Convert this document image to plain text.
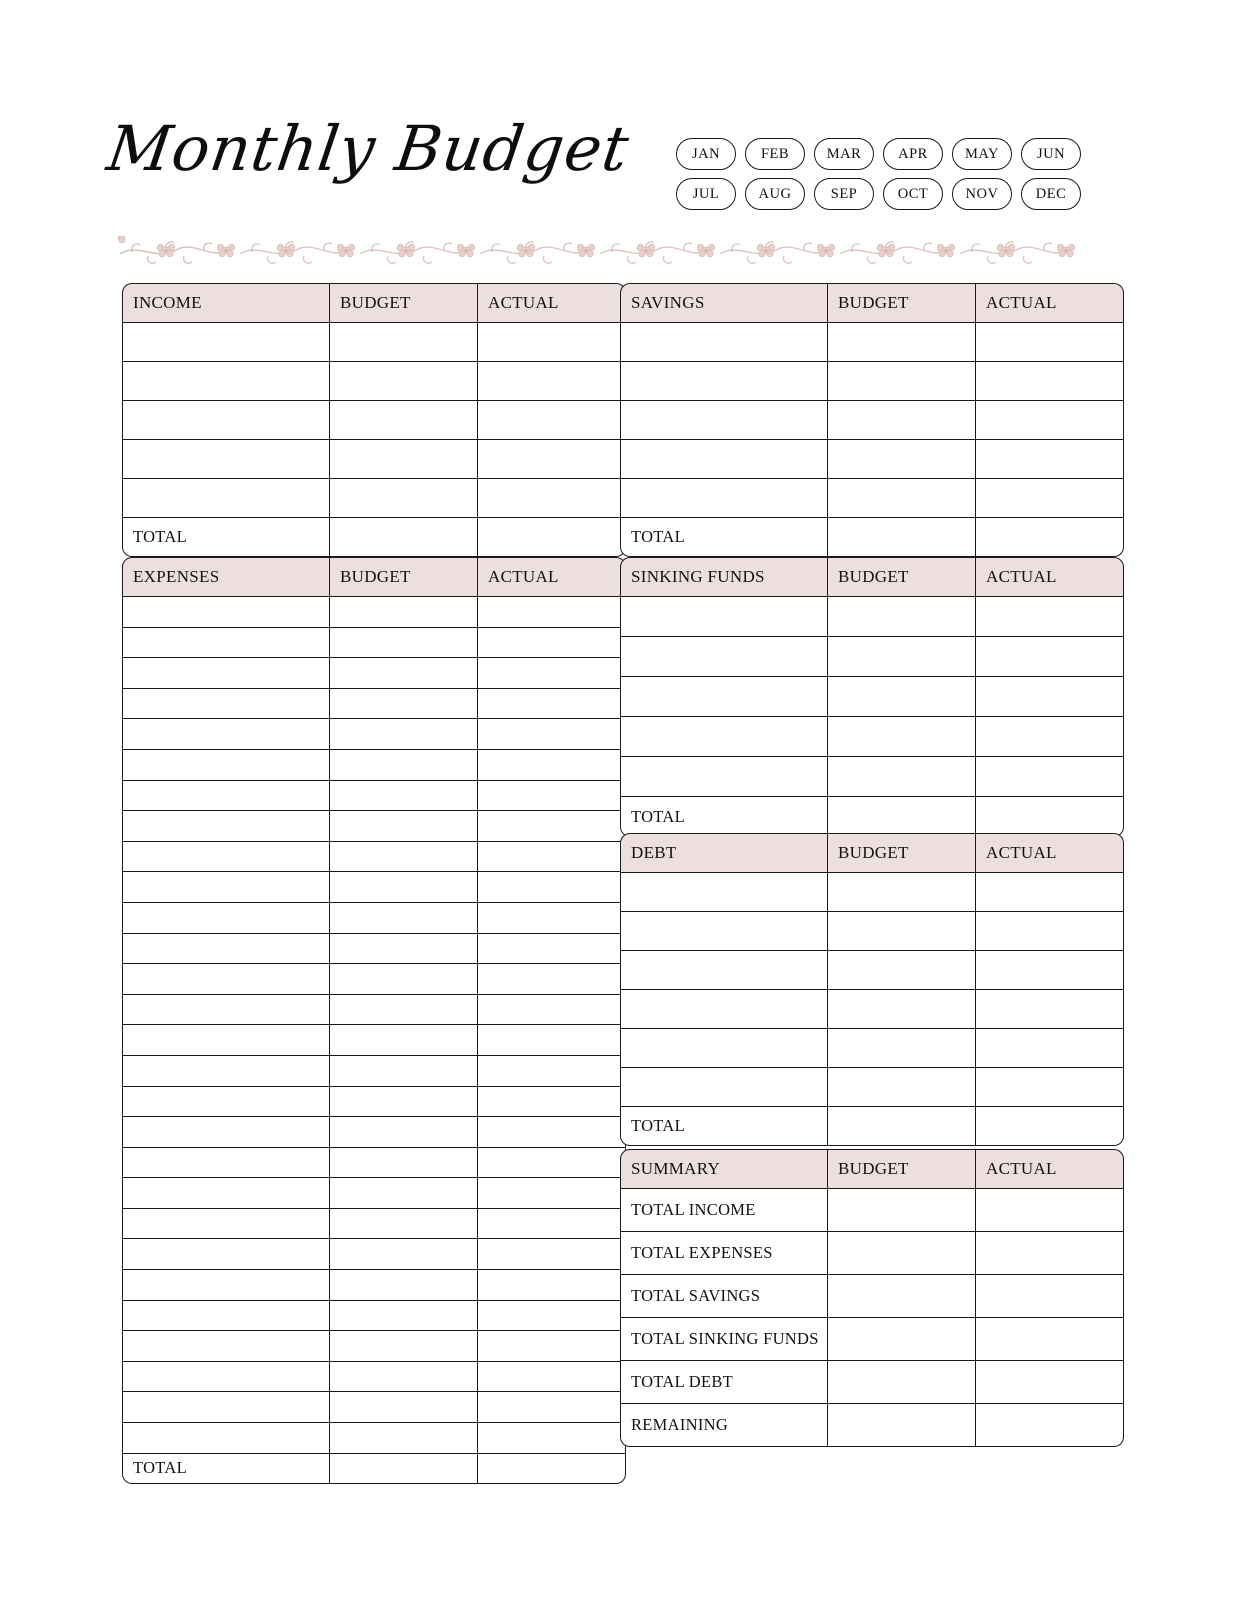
Monthly Budget	JAN	FEB	MAR	APR	MAY	JUN
JUL	AUG	SEP	OCT	NOV	DEC
INCOME	BUDGET	ACTUAL

TOTAL		
EXPENSES	BUDGET	ACTUAL

TOTAL		
SAVINGS	BUDGET	ACTUAL

TOTAL		
SINKING FUNDS	BUDGET	ACTUAL

TOTAL		
DEBT	BUDGET	ACTUAL

TOTAL		
SUMMARY	BUDGET	ACTUAL
TOTAL INCOME		
TOTAL EXPENSES		
TOTAL SAVINGS		
TOTAL SINKING FUNDS		
TOTAL DEBT		
REMAINING		
